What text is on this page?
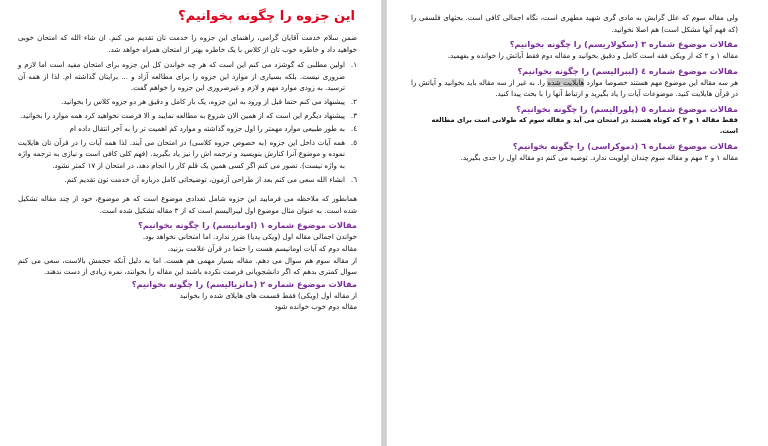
این جزوه را چگونه بخوانیم؟

ضمن سلام خدمت آقایان گرامی، راهنمای این جزوه را خدمت تان تقدیم می کنم. ان شاء الله که امتحان خوبی خواهید داد و خاطره خوب تان از کلاس با یک خاطره بهتر از امتحان همراه خواهد شد.

١.

اولین مطلبی که گوشزد می کنم این است که هر چه خواندن کل این جزوه برای امتحان مفید است اما لازم و ضروری نیست. بلکه بسیاری از موارد این جزوه را برای مطالعه آزاد و ... برایتان گذاشته ام. لذا از همه آن ترسید. به زودی موارد مهم و لازم و غیرضروری این جزوه را خواهم گفت.

٢.

پیشنهاد می کنم حتما قبل از ورود به این جزوه، یک بار کامل و دقیق هر دو جزوه کلاس را بخوانید.

٣.

پیشنهاد دیگرم این است که از همین الان شروع به مطالعه نمایید و الا فرصت نخواهید کرد همه موارد را بخوانید.

٤.

به طور طبیعی موارد مهمتر را اول جزوه گذاشته و موارد کم اهمیت تر را به آخر انتقال داده ام

٥.

همه آیات داخل این جزوه (به خصوص جزوه کلاسی) در امتحان می آیند. لذا همه آیات را در قرآن تان هایلایت نموده و موضوع آنرا کنارش بنویسید و ترجمه اش را نیز یاد بگیرید. (فهم کلی کافی است و نیازی به ترجمه واژه به واژه نیست). تصور می کنم اگر کسی همین یک قلم کار را انجام دهد، در امتحان از ١٧ کمتر نشود.

٦.

انشاء الله سعی می کنم بعد از طراحی آزمون، توضیحاتی کامل درباره آن خدمت تون تقدیم کنم.

همانطور که ملاحظه می فرمایید این جزوه شامل تعدادی موضوع است که هر موضوع، خود از چند مقاله تشکیل شده است. به عنوان مثال موضوع اول لیبرالیسم است که از ٣ مقاله تشکیل شده است.

مقالات موضوع شماره ١ (اومانیسم) را چگونه بخوانیم؟

خواندن اجمالی مقاله اول (ویکی پدیا) ضرر ندارد. اما امتحانی نخواهد بود.

مقاله دوم که آیات اومانیسم هست را حتما در قرآن علامت بزنید.

از مقاله سوم هم سوال می دهم. مقاله بسیار مهمی هم هست. اما به دلیل آنکه حجمش بالاست، سعی می کنم سوال کمتری بدهم که اگر دانشجویانی فرصت نکرده باشند این مقاله را بخوانند، نمره زیادی از دست ندهند.

مقالات موضوع شماره ٢ (ماتریالیسم) را چگونه بخوانیم؟

از مقاله اول (ویکی) فقط قسمت های هایلای شده را بخوانید

مقاله دوم خوب خوانده شود

ولی مقاله سوم که علل گرایش به مادی گری شهید مطهری است، نگاه اجمالی کافی است. بحثهای فلسفی را (که فهم آنها مشکل است) هم اصلا نخوانید.

مقالات موضوع شماره ٣ (سکولاریسم) را چگونه بخوانیم؟

مقاله ١ و ٢ که از ویکی فقه است کامل و دقیق بخوانید و مقاله دوم فقط آیاتش را خوانده و بفهمید.

مقالات موضوع شماره ٤ (لیبرالیسم) را چگونه بخوانیم؟

هر سه مقاله این موضوع مهم هستند خصوصا موارد هایلایت شده را. به غیر از سه مقاله باید بخوانید و آیاتش را در قرآن هایلایت کنید. موضوعات آیات را یاد بگیرید و ارتباط آنها را با بحث پیدا کنید.

مقالات موضوع شماره ٥ (پلورالیسم) را چگونه بخوانیم؟

فقط مقاله ١ و ٢ که کوتاه هستند در امتحان می آید و مقاله سوم که طولانی است برای مطالعه است.

مقالات موضوع شماره ٦ (دموکراسی) را چگونه بخوانیم؟

مقاله ١ و ٢ مهم و مقاله سوم چندان اولویت ندارد. توصیه می کنم دو مقاله اول را جدی بگیرید.
